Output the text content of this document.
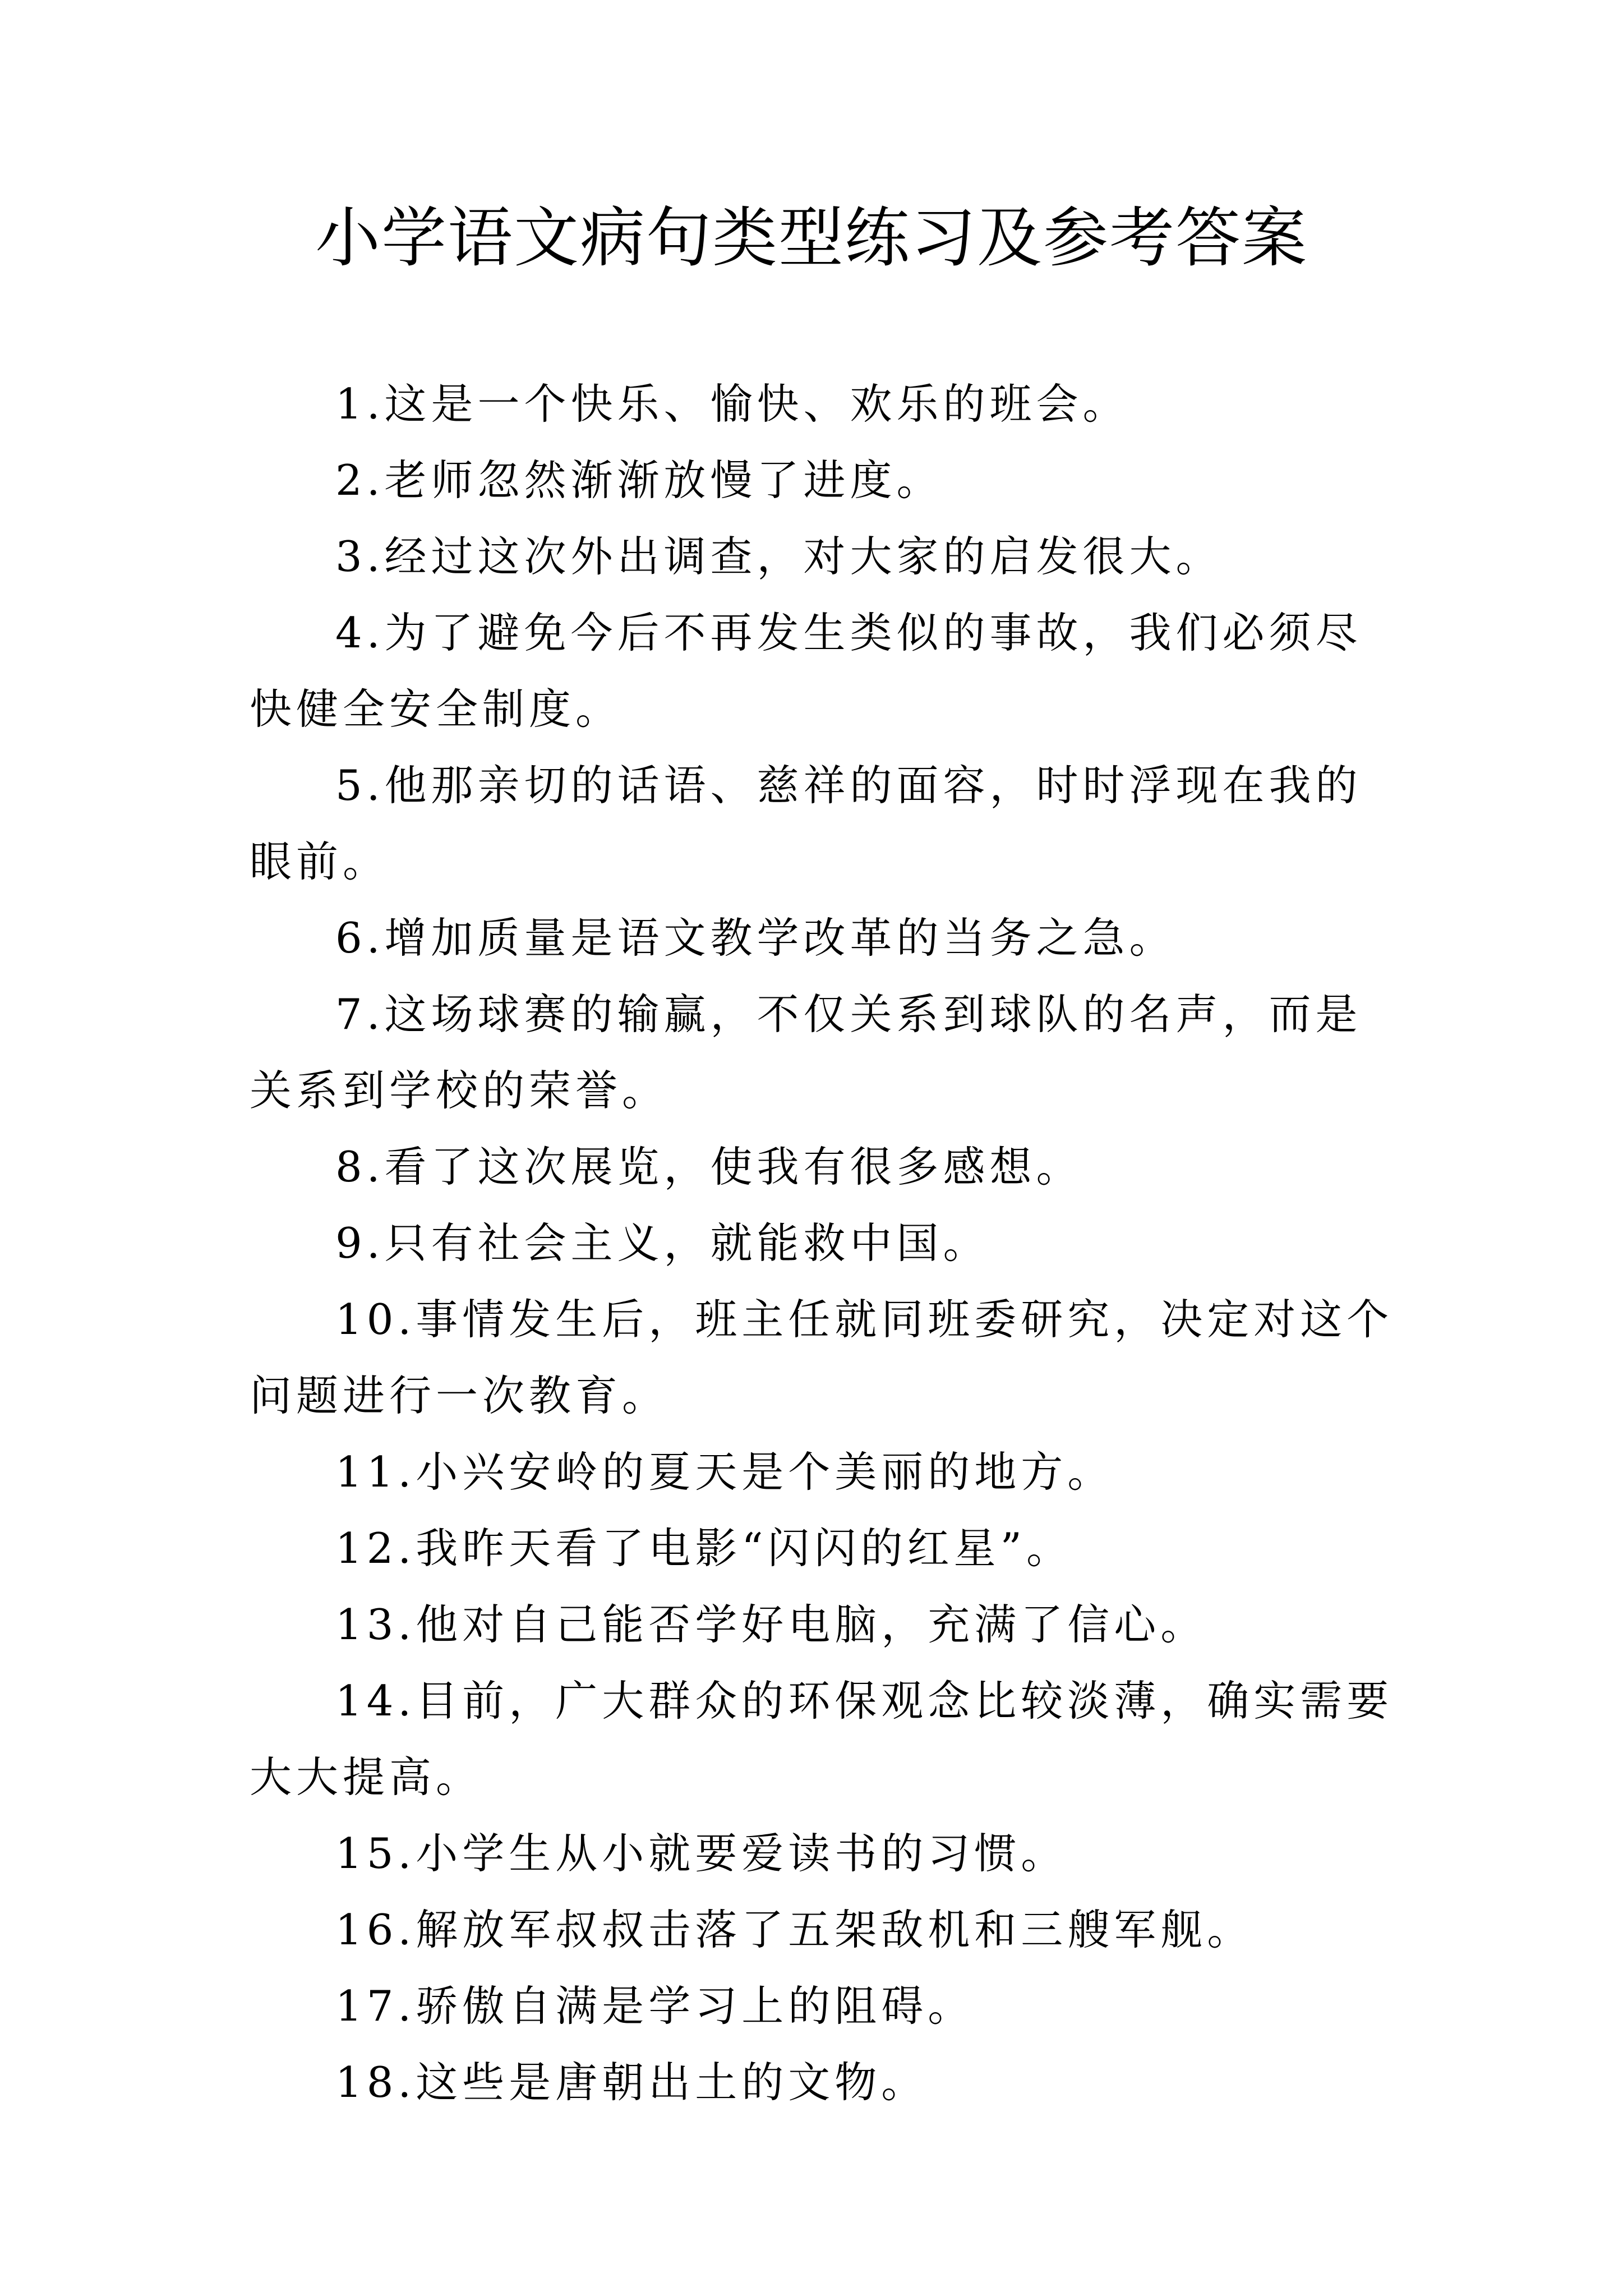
小学语文病句类型练习及参考答案

1.这是一个快乐、愉快、欢乐的班会。

2.老师忽然渐渐放慢了进度。

3.经过这次外出调查，对大家的启发很大。

4.为了避免今后不再发生类似的事故，我们必须尽快健全安全制度。

5.他那亲切的话语、慈祥的面容，时时浮现在我的眼前。

6.增加质量是语文教学改革的当务之急。

7.这场球赛的输赢，不仅关系到球队的名声，而是关系到学校的荣誉。

8.看了这次展览，使我有很多感想。

9.只有社会主义，就能救中国。

10.事情发生后，班主任就同班委研究，决定对这个问题进行一次教育。

11.小兴安岭的夏天是个美丽的地方。

12.我昨天看了电影“闪闪的红星”。

13.他对自己能否学好电脑，充满了信心。

14.目前，广大群众的环保观念比较淡薄，确实需要大大提高。

15.小学生从小就要爱读书的习惯。

16.解放军叔叔击落了五架敌机和三艘军舰。

17.骄傲自满是学习上的阻碍。

18.这些是唐朝出土的文物。
